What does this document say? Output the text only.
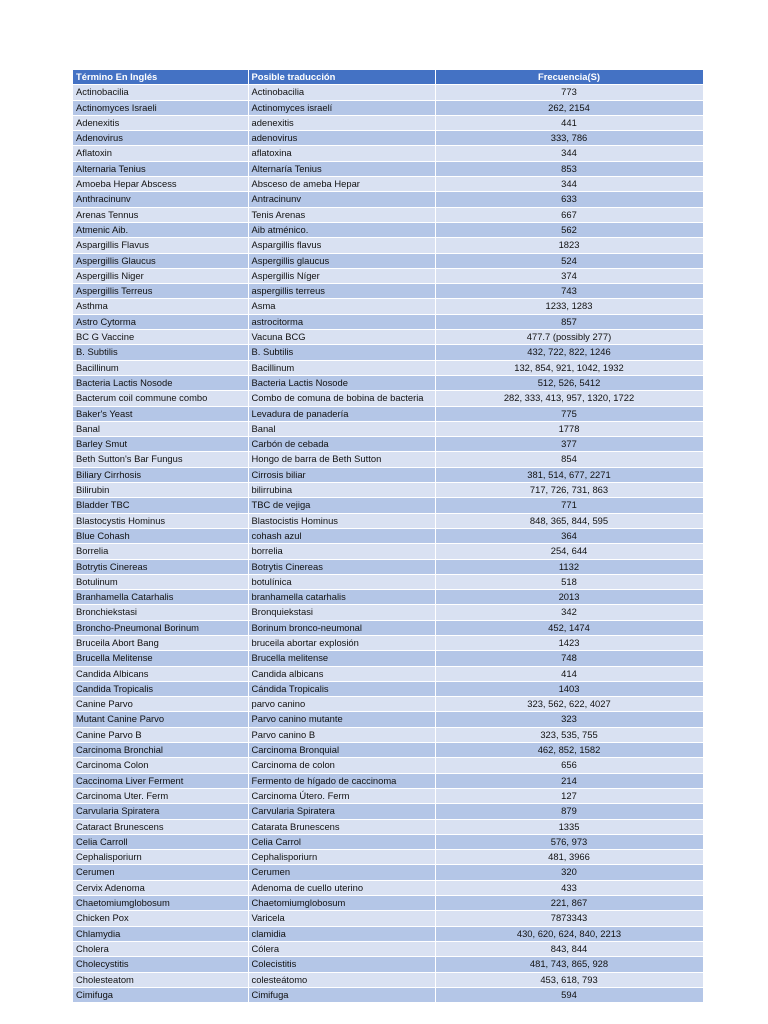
Término En Inglés	Posible traducción	Frecuencia(S)
Actinobacilia	Actinobacilia	773
Actinomyces Israeli	Actinomyces israelí	262, 2154
Adenexitis	adenexitis	441
Adenovirus	adenovirus	333, 786
Aflatoxin	aflatoxina	344
Alternaria Tenius	Alternaría Tenius	853
Amoeba Hepar Abscess	Absceso de ameba Hepar	344
Anthracinunv	Antracinunv	633
Arenas Tennus	Tenis Arenas	667
Atmenic Aib.	Aib atménico.	562
Aspargillis Flavus	Aspargillis flavus	1823
Aspergillis Glaucus	Aspergillis glaucus	524
Aspergillis Niger	Aspergillis Níger	374
Aspergillis Terreus	aspergillis terreus	743
Asthma	Asma	1233, 1283
Astro Cytorma	astrocitorma	857
BC G Vaccine	Vacuna BCG	477.7 (possibly 277)
B. Subtilis	B. Subtilis	432, 722, 822, 1246
Bacillinum	Bacillinum	132, 854, 921, 1042, 1932
Bacteria Lactis Nosode	Bacteria Lactis Nosode	512, 526, 5412
Bacterum coil commune combo	Combo de comuna de bobina de bacteria	282, 333, 413, 957, 1320, 1722
Baker's Yeast	Levadura de panadería	775
Banal	Banal	1778
Barley Smut	Carbón de cebada	377
Beth Sutton's Bar Fungus	Hongo de barra de Beth Sutton	854
Biliary Cirrhosis	Cirrosis biliar	381, 514, 677, 2271
Bilirubin	bilirrubina	717, 726, 731, 863
Bladder TBC	TBC de vejiga	771
Blastocystis Hominus	Blastocistis Hominus	848, 365, 844, 595
Blue Cohash	cohash azul	364
Borrelia	borrelia	254, 644
Botrytis Cinereas	Botrytis Cinereas	1132
Botulinum	botulínica	518
Branhamella Catarhalis	branhamella catarhalis	2013
Bronchiekstasi	Bronquiekstasi	342
Broncho-Pneumonal Borinum	Borinum bronco-neumonal	452, 1474
Bruceila Abort Bang	bruceila abortar explosión	1423
Brucella Melitense	Brucella melitense	748
Candida Albicans	Candida albicans	414
Candida Tropicalis	Cándida Tropicalis	1403
Canine Parvo	parvo canino	323, 562, 622, 4027
Mutant Canine Parvo	Parvo canino mutante	323
Canine Parvo B	Parvo canino B	323, 535, 755
Carcinoma Bronchial	Carcinoma Bronquial	462, 852, 1582
Carcinoma Colon	Carcinoma de colon	656
Caccinoma Liver Ferment	Fermento de hígado de caccinoma	214
Carcinoma Uter. Ferm	Carcinoma Útero. Ferm	127
Carvularia Spiratera	Carvularia Spiratera	879
Cataract Brunescens	Catarata Brunescens	1335
Celia Carroll	Celia Carrol	576, 973
Cephalisporiurn	Cephalisporiurn	481, 3966
Cerumen	Cerumen	320
Cervix Adenoma	Adenoma de cuello uterino	433
Chaetomiumglobosum	Chaetomiumglobosum	221, 867
Chicken Pox	Varicela	7873343
Chlamydia	clamidia	430, 620, 624, 840, 2213
Cholera	Cólera	843, 844
Cholecystitis	Colecistitis	481, 743, 865, 928
Cholesteatom	colesteátomo	453, 618, 793
Cimifuga	Cimifuga	594
